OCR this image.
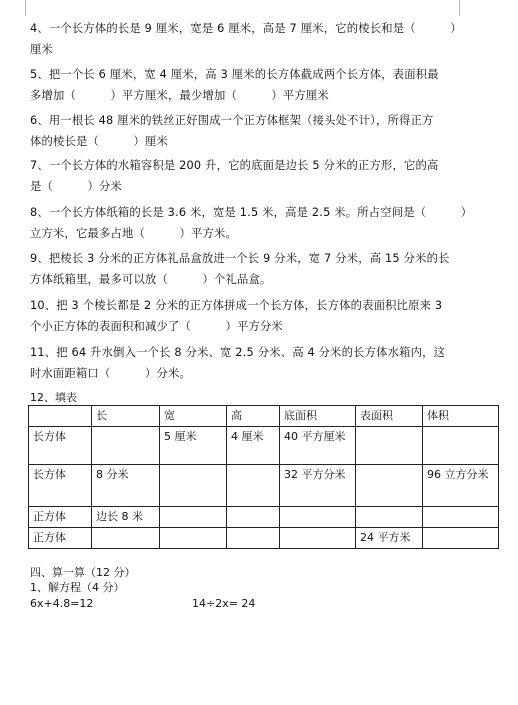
4、一个长方体的长是 9 厘米，宽是 6 厘米，高是 7 厘米，它的棱长和是（　　　）
厘米
5、把一个长 6 厘米，宽 4 厘米，高 3 厘米的长方体截成两个长方体，表面积最
多增加（　　　）平方厘米，最少增加（　　　）平方厘米
6、用一根长 48 厘米的铁丝正好围成一个正方体框架（接头处不计），所得正方
体的棱长是（　　　）厘米
7、一个长方体的水箱容积是 200 升，它的底面是边长 5 分米的正方形，它的高
是（　　　）分米
8、一个长方体纸箱的长是 3.6 米，宽是 1.5 米，高是 2.5 米。所占空间是（　　　）
立方米，它最多占地（　　　）平方米。
9、把棱长 3 分米的正方体礼品盒放进一个长 9 分米，宽 7 分米，高 15 分米的长
方体纸箱里，最多可以放（　　　）个礼品盒。
10、把 3 个棱长都是 2 分米的正方体拼成一个长方体，长方体的表面积比原来 3
个小正方体的表面积和减少了（　　　）平方分米
11、把 64 升水倒入一个长 8 分米、宽 2.5 分米、高 4 分米的长方体水箱内，这
时水面距箱口（　　　）分米。
12、填表
	长	宽	高	底面积	表面积	体积
长方体		5 厘米	4 厘米	40 平方厘米		
长方体	8 分米			32 平方分米		96 立方分米
正方体	边长 8 米					
正方体					24 平方米	
四、算一算（12 分）
1、解方程（4 分）
6x+4.8=12	14÷2x= 24
